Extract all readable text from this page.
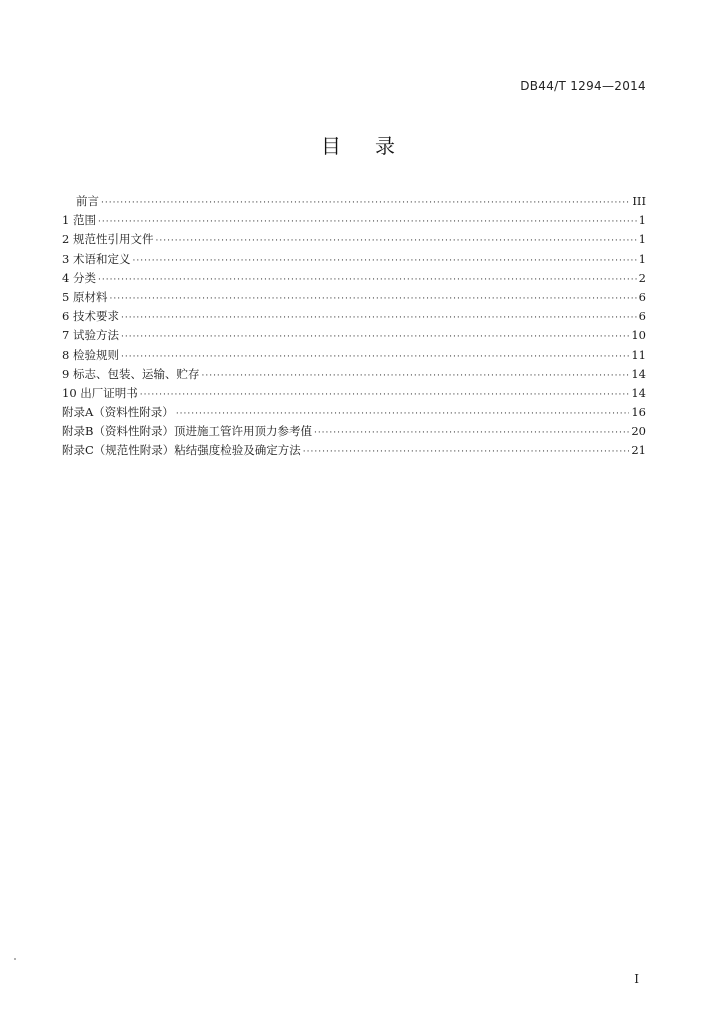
DB44/T 1294—2014
目录
前言 ·····	III
1 范围 ·····	1
2 规范性引用文件 ·····	1
3 术语和定义 ·····	1
4 分类 ·····	2
5 原材料 ·····	6
6 技术要求 ·····	6
7 试验方法 ·····	10
8 检验规则 ·····	11
9 标志、包装、运输、贮存 ·····	14
10 出厂证明书 ·····	14
附录A（资料性附录） ·····	16
附录B（资料性附录）顶进施工管许用顶力参考值 ·····	20
附录C（规范性附录）粘结强度检验及确定方法 ·····	21
I
